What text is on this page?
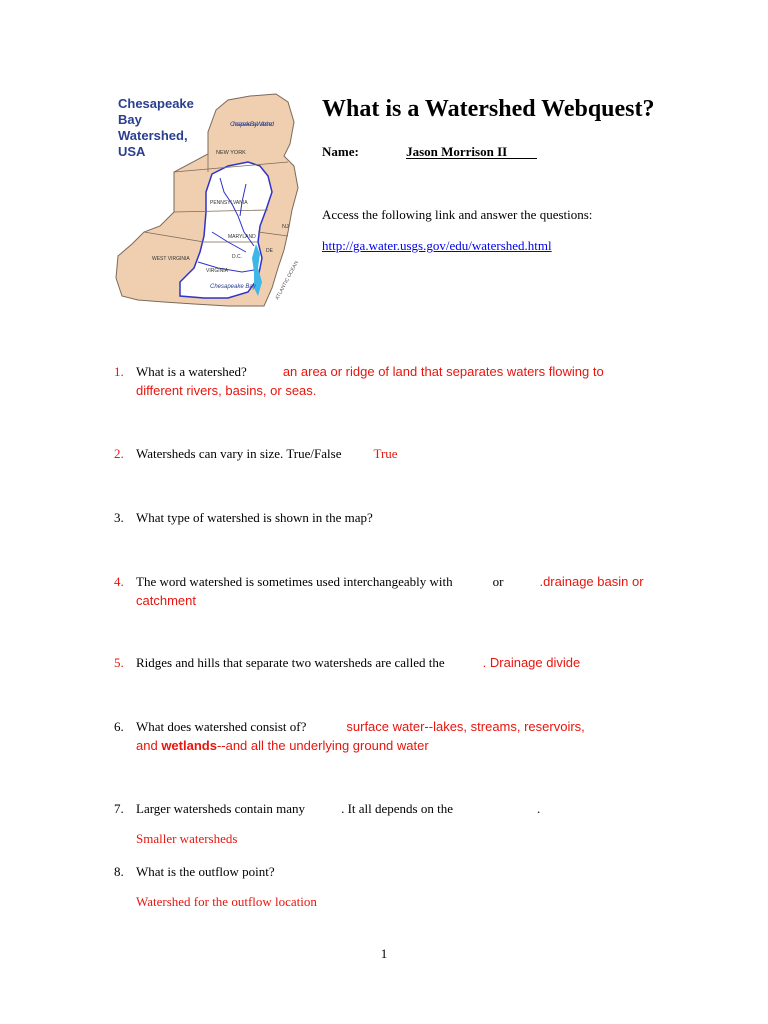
Chesapeake Bay Watershed
NEW YORK
PENNSYLVANIA
NJ
MARYLAND
D.C.
DE
WEST VIRGINIA
VIRGINIA
Chesapeake Bay	ATLANTIC OCEAN
Chesapeake
Bay
Watershed,
USA
What is a Watershed Webquest?
Name:	Jason Morrison II
Access the following link and answer the questions:
http://ga.water.usgs.gov/edu/watershed.html
1. What is a watershed?	an area or ridge of land that separates waters flowing to
different rivers, basins, or seas.
2. Watersheds can vary in size. True/False True
3. What type of watershed is shown in the map?
4. The word watershed is sometimes used interchangeably with	or	.drainage basin or
catchment
5. Ridges and hills that separate two watersheds are called the	. Drainage divide
6. What does watershed consist of?	surface water--lakes, streams, reservoirs,
and wetlands--and all the underlying ground water
7. Larger watersheds contain many	. It all depends on the	.
Smaller watersheds
8. What is the outflow point?
Watershed for the outflow location
1
